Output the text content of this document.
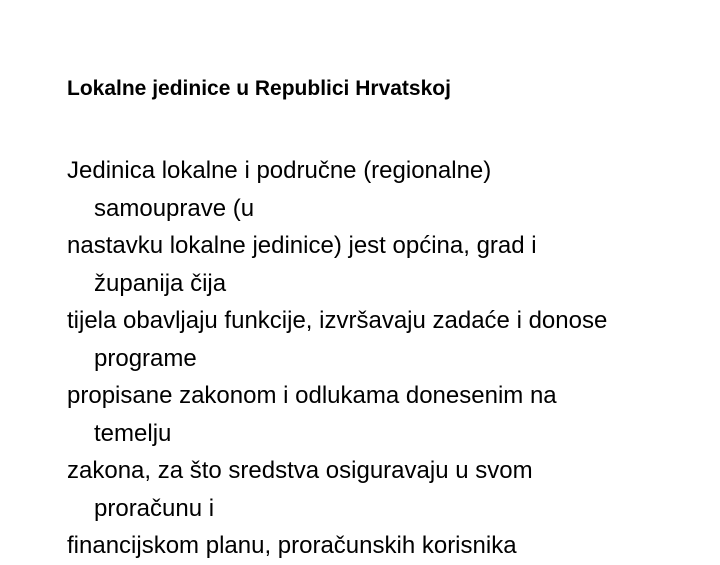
Lokalne jedinice u Republici Hrvatskoj
Jedinica lokalne i područne (regionalne)
samouprave (u
nastavku lokalne jedinice) jest općina, grad i
županija čija
tijela obavljaju funkcije, izvršavaju zadaće i donose
programe
propisane zakonom i odlukama donesenim na
temelju
zakona, za što sredstva osiguravaju u svom
proračunu i
financijskom planu, proračunskih korisnika
